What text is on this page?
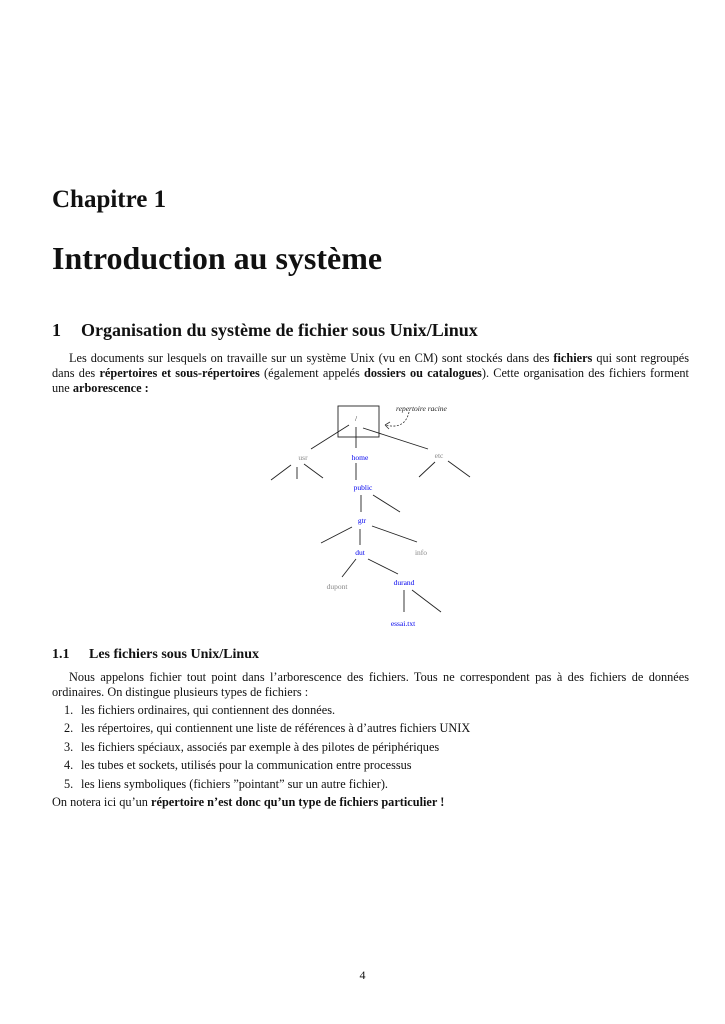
Chapitre 1
Introduction au système
1 Organisation du système de fichier sous Unix/Linux

Les documents sur lesquels on travaille sur un système Unix (vu en CM) sont stockés dans des fichiers qui sont regroupés dans des répertoires et sous-répertoires (également appelés dossiers ou catalogues). Cette organisation des fichiers forment une arborescence :

repertoire racine
/
usr	home	etc
public
gtr
dut	info
dupont	durand
essai.txt
1.1 Les fichiers sous Unix/Linux

Nous appelons fichier tout point dans l’arborescence des fichiers. Tous ne correspondent pas à des fichiers de données ordinaires. On distingue plusieurs types de fichiers :

1. les fichiers ordinaires, qui contiennent des données.
2. les répertoires, qui contiennent une liste de références à d’autres fichiers UNIX
3. les fichiers spéciaux, associés par exemple à des pilotes de périphériques
4. les tubes et sockets, utilisés pour la communication entre processus
5. les liens symboliques (fichiers ”pointant” sur un autre fichier).
On notera ici qu’un répertoire n’est donc qu’un type de fichiers particulier !
4
